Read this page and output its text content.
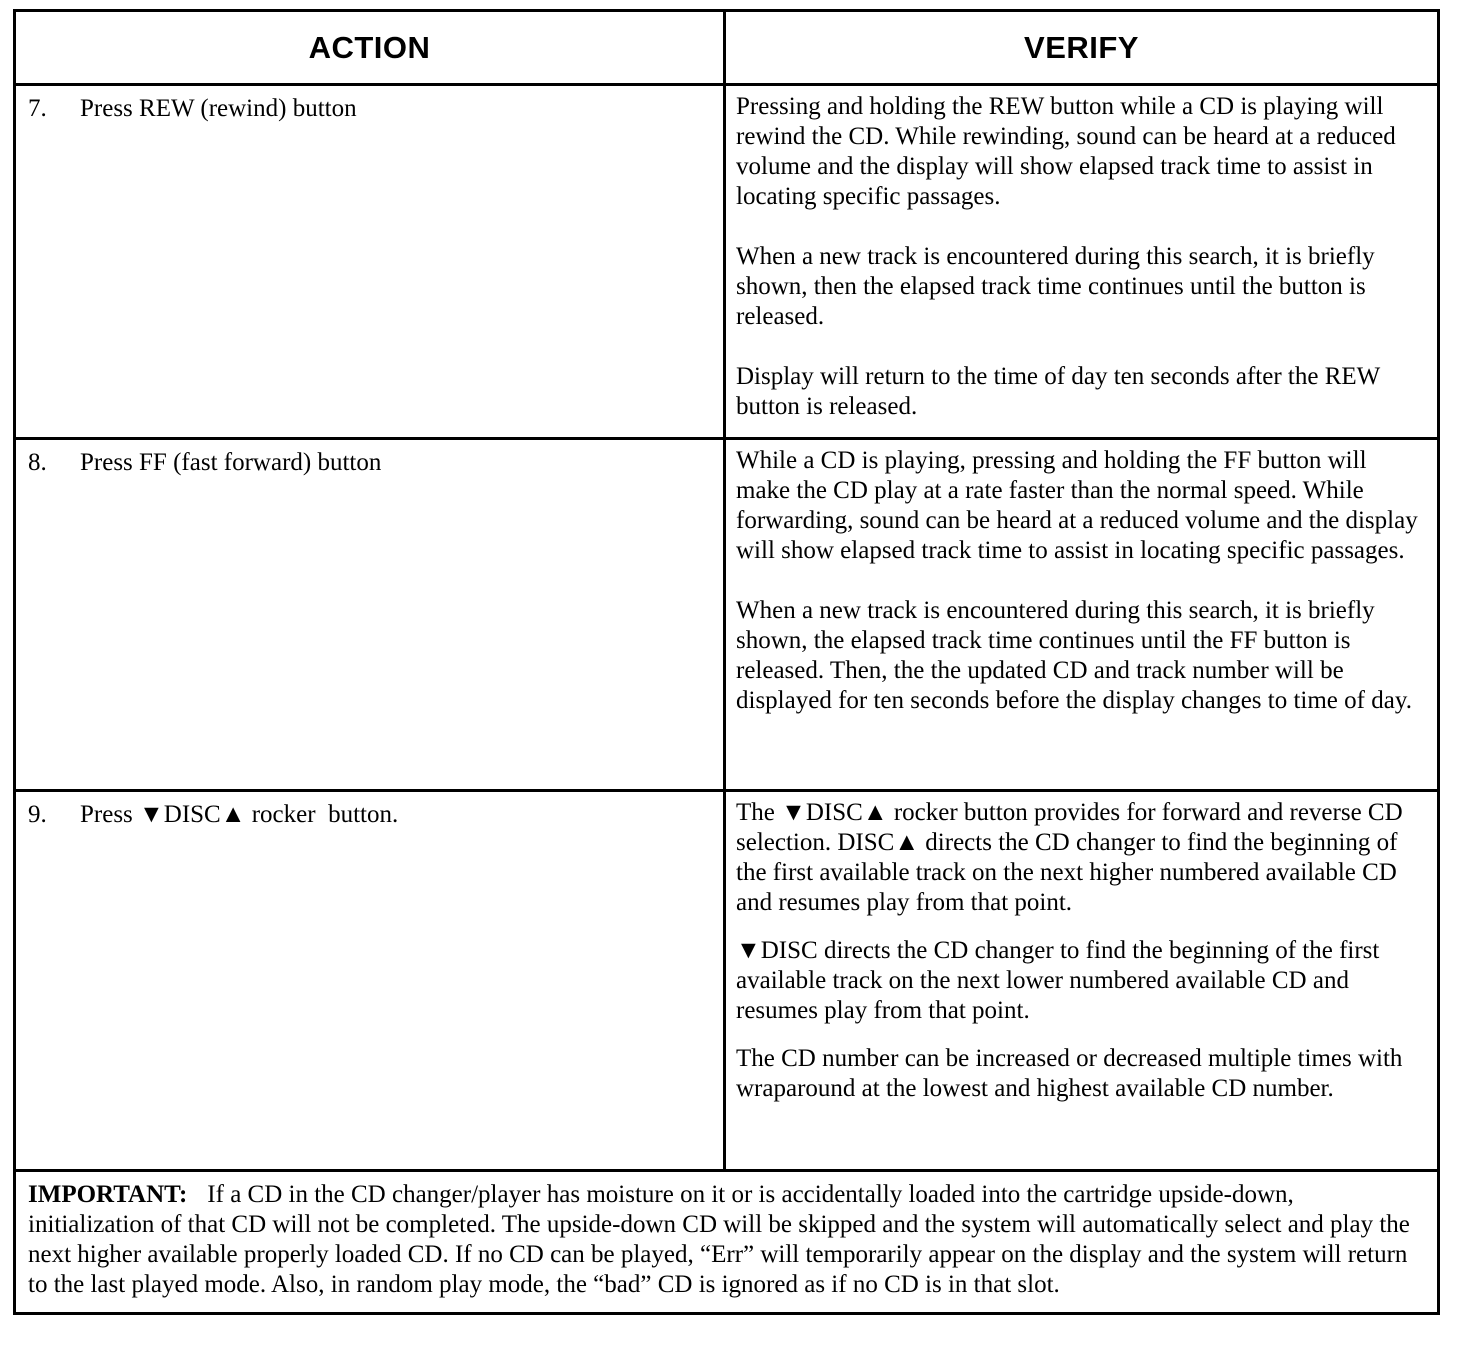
ACTION	VERIFY
7. Press REW (rewind) button	Pressing and holding the REW button while a CD is playing will rewind the CD. While rewinding, sound can be heard at a reduced volume and the display will show elapsed track time to assist in locating specific passages.

When a new track is encountered during this search, it is briefly shown, then the elapsed track time continues until the button is released.

Display will return to the time of day ten seconds after the REW button is released.

8. Press FF (fast forward) button	While a CD is playing, pressing and holding the FF button will make the CD play at a rate faster than the normal speed. While forwarding, sound can be heard at a reduced volume and the display will show elapsed track time to assist in locating specific passages.

When a new track is encountered during this search, it is briefly shown, the elapsed track time continues until the FF button is released. Then, the the updated CD and track number will be displayed for ten seconds before the display changes to time of day.

9. Press ▼DISC▲ rocker  button.	The ▼DISC▲ rocker button provides for forward and reverse CD selection. DISC▲ directs the CD changer to find the beginning of the first available track on the next higher numbered available CD and resumes play from that point.

▼DISC directs the CD changer to find the beginning of the first available track on the next lower numbered available CD and resumes play from that point.

The CD number can be increased or decreased multiple times with wraparound at the lowest and highest available CD number.

IMPORTANT: If a CD in the CD changer/player has moisture on it or is accidentally loaded into the cartridge upside-down, initialization of that CD will not be completed. The upside-down CD will be skipped and the system will automatically select and play the next higher available properly loaded CD. If no CD can be played, “Err” will temporarily appear on the display and the system will return to the last played mode. Also, in random play mode, the “bad” CD is ignored as if no CD is in that slot.	
